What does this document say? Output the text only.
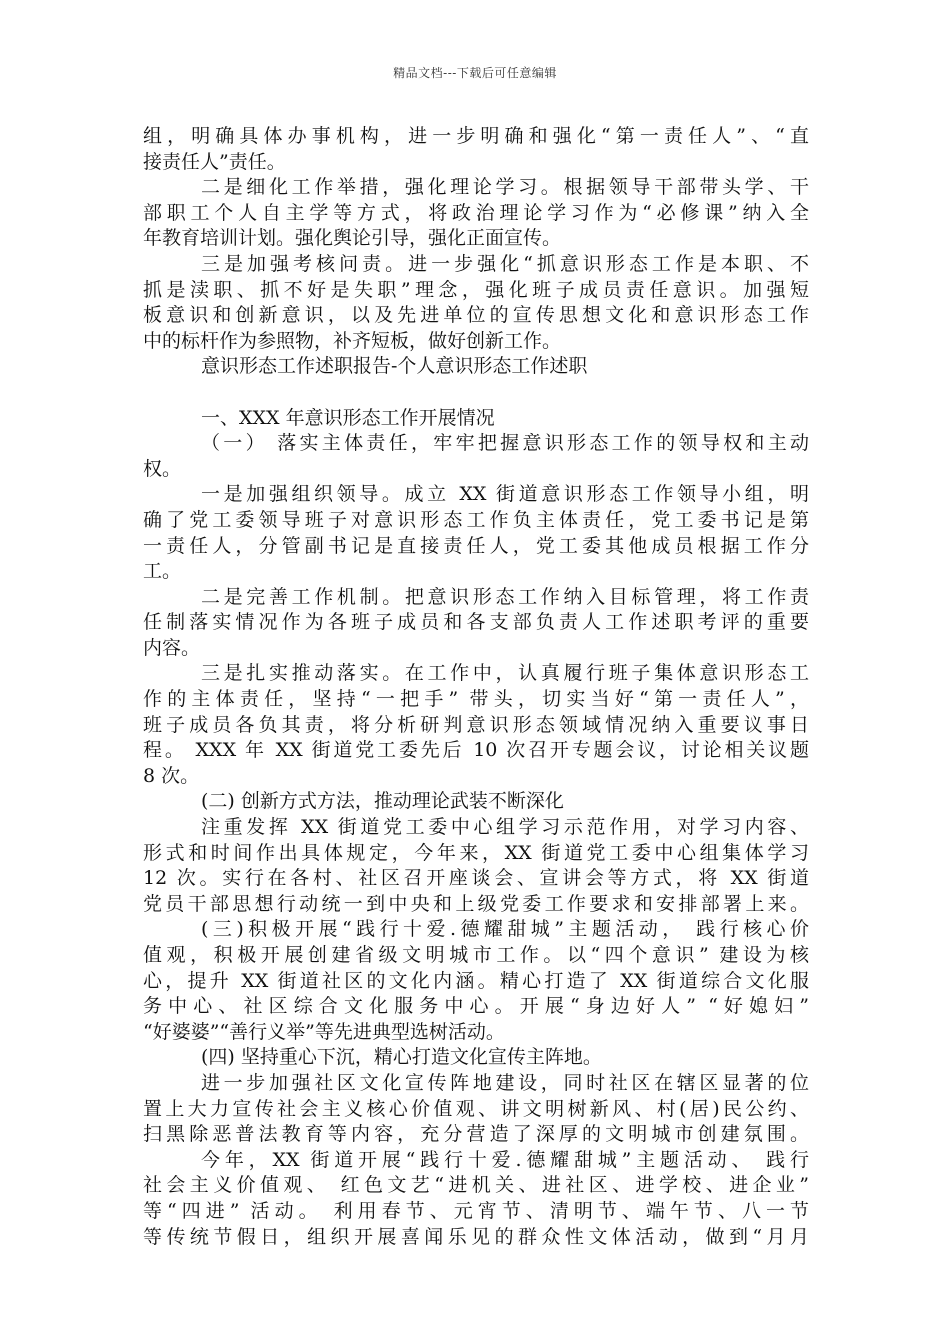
精品文档---下载后可任意编辑
组，明确具体办事机构，进一步明确和强化“第一责任人”、“直
接责任人”责任。
二是细化工作举措，强化理论学习。根据领导干部带头学、干
部职工个人自主学等方式，将政治理论学习作为“必修课”纳入全
年教育培训计划。强化舆论引导，强化正面宣传。
三是加强考核问责。进一步强化“抓意识形态工作是本职、不
抓是渎职、抓不好是失职”理念，强化班子成员责任意识。加强短
板意识和创新意识，以及先进单位的宣传思想文化和意识形态工作
中的标杆作为参照物，补齐短板，做好创新工作。
意识形态工作述职报告-个人意识形态工作述职
一、XXX 年意识形态工作开展情况
（一） 落实主体责任，牢牢把握意识形态工作的领导权和主动
权。
一是加强组织领导。成立 XX 街道意识形态工作领导小组，明
确了党工委领导班子对意识形态工作负主体责任，党工委书记是第
一责任人，分管副书记是直接责任人，党工委其他成员根据工作分
工。
二是完善工作机制。把意识形态工作纳入目标管理，将工作责
任制落实情况作为各班子成员和各支部负责人工作述职考评的重要
内容。
三是扎实推动落实。在工作中，认真履行班子集体意识形态工
作的主体责任，坚持“一把手” 带头，切实当好“第一责任人”，
班子成员各负其责，将分析研判意识形态领域情况纳入重要议事日
程。 XXX 年 XX 街道党工委先后 10 次召开专题会议，讨论相关议题
8 次。
(二) 创新方式方法，推动理论武装不断深化
注重发挥 XX 街道党工委中心组学习示范作用，对学习内容、
形式和时间作出具体规定，今年来，XX 街道党工委中心组集体学习
12 次。实行在各村、社区召开座谈会、宣讲会等方式，将 XX 街道
党员干部思想行动统一到中央和上级党委工作要求和安排部署上来。
(三)积极开展“践行十爱.德耀甜城”主题活动， 践行核心价
值观，积极开展创建省级文明城市工作。以“四个意识” 建设为核
心，提升 XX 街道社区的文化内涵。精心打造了 XX 街道综合文化服
务中心、社区综合文化服务中心。开展“身边好人” “好媳妇”
“好婆婆”“善行义举”等先进典型选树活动。
(四) 坚持重心下沉，精心打造文化宣传主阵地。
进一步加强社区文化宣传阵地建设，同时社区在辖区显著的位
置上大力宣传社会主义核心价值观、讲文明树新风、村(居)民公约、
扫黑除恶普法教育等内容，充分营造了深厚的文明城市创建氛围。
今年，XX 街道开展“践行十爱.德耀甜城”主题活动、 践行
社会主义价值观、 红色文艺“进机关、进社区、进学校、进企业”
等“四进” 活动。 利用春节、元宵节、清明节、端午节、八一节
等传统节假日，组织开展喜闻乐见的群众性文体活动，做到“月月
